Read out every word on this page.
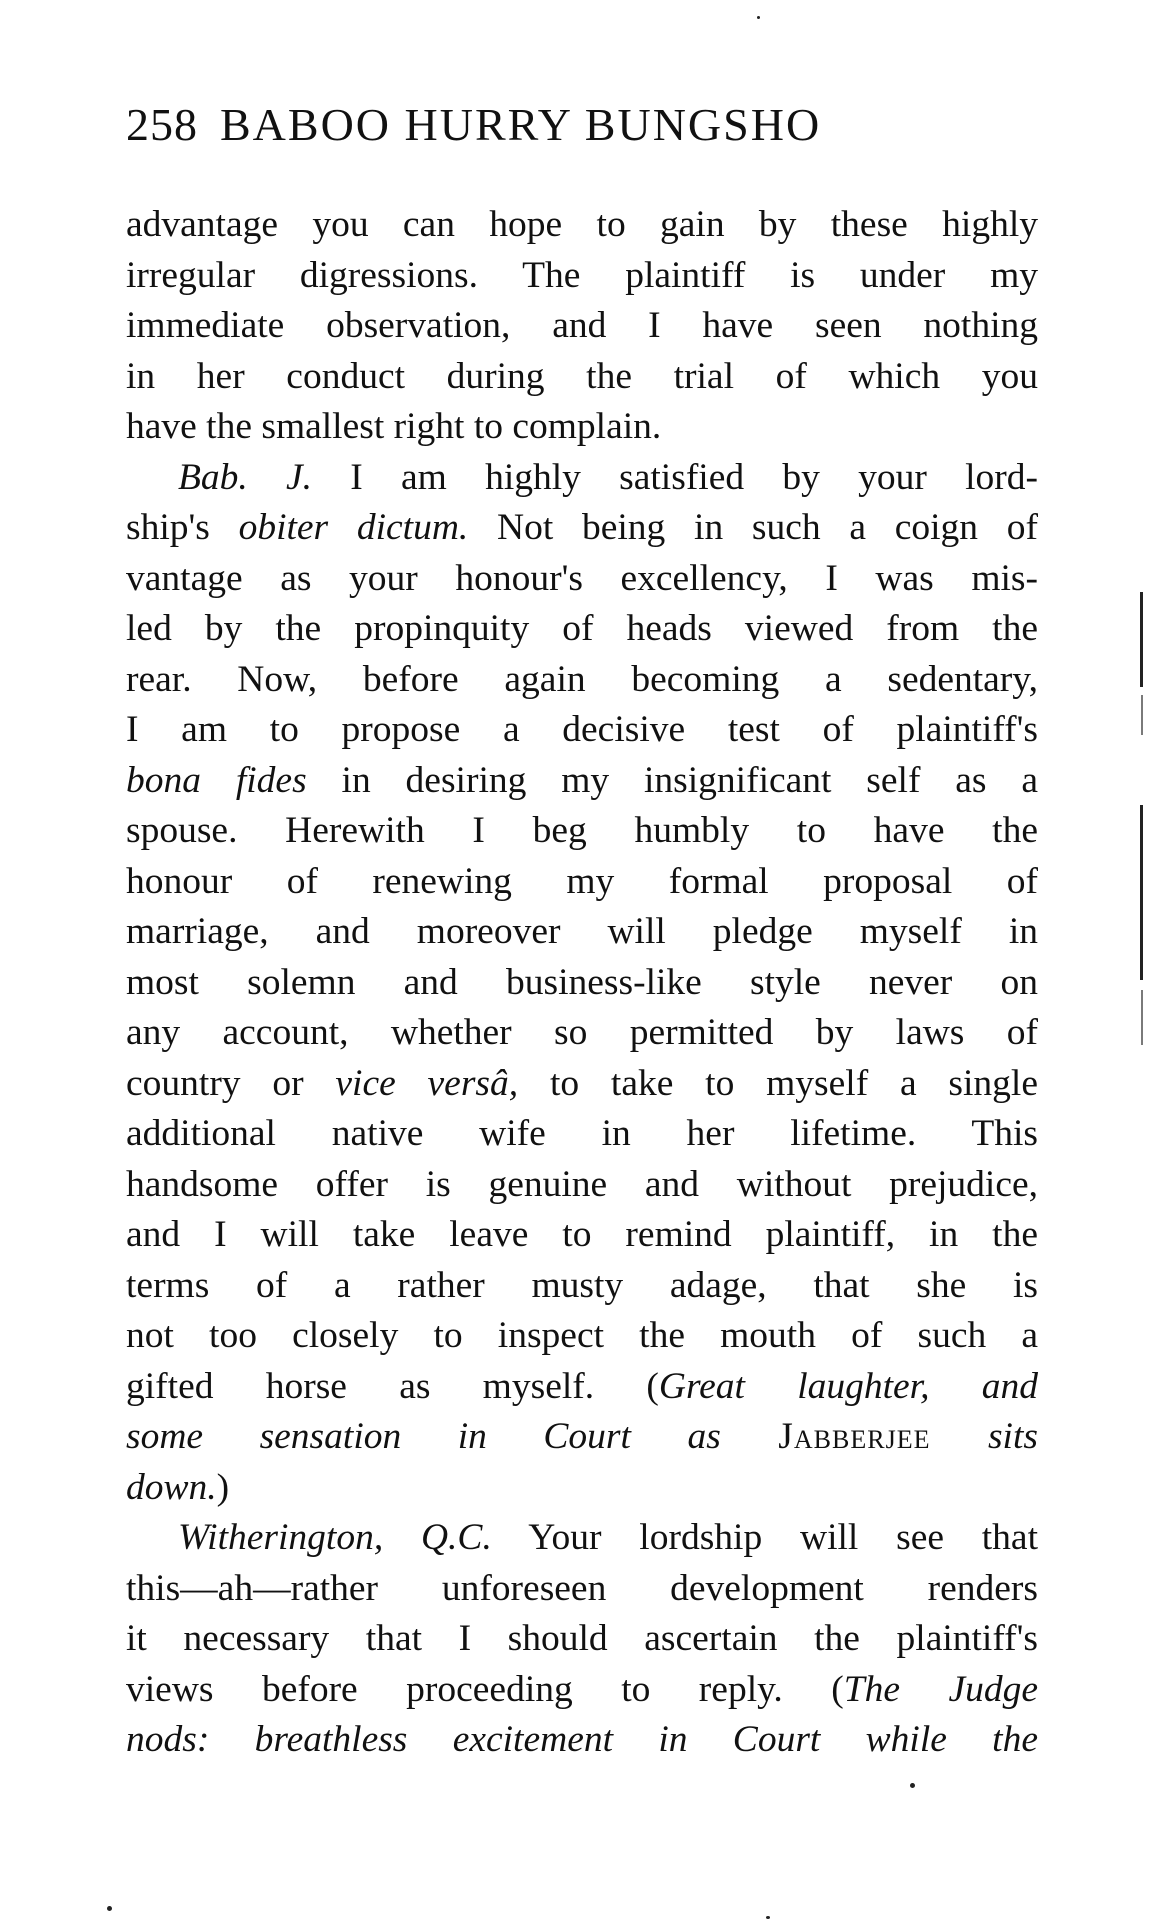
258 BABOO HURRY BUNGSHO
advantage you can hope to gain by these highly
irregular digressions. The plaintiff is under my
immediate observation, and I have seen nothing
in her conduct during the trial of which you
have the smallest right to complain.
Bab. J. I am highly satisfied by your lord-
ship's obiter dictum. Not being in such a coign of
vantage as your honour's excellency, I was mis-
led by the propinquity of heads viewed from the
rear. Now, before again becoming a sedentary,
I am to propose a decisive test of plaintiff's
bona fides in desiring my insignificant self as a
spouse. Herewith I beg humbly to have the
honour of renewing my formal proposal of
marriage, and moreover will pledge myself in
most solemn and business-like style never on
any account, whether so permitted by laws of
country or vice versâ, to take to myself a single
additional native wife in her lifetime. This
handsome offer is genuine and without prejudice,
and I will take leave to remind plaintiff, in the
terms of a rather musty adage, that she is
not too closely to inspect the mouth of such a
gifted horse as myself. (Great laughter, and
some sensation in Court as Jabberjee sits
down.)
Witherington, Q.C. Your lordship will see that
this—ah—rather unforeseen development renders
it necessary that I should ascertain the plaintiff's
views before proceeding to reply. (The Judge
nods: breathless excitement in Court while the
